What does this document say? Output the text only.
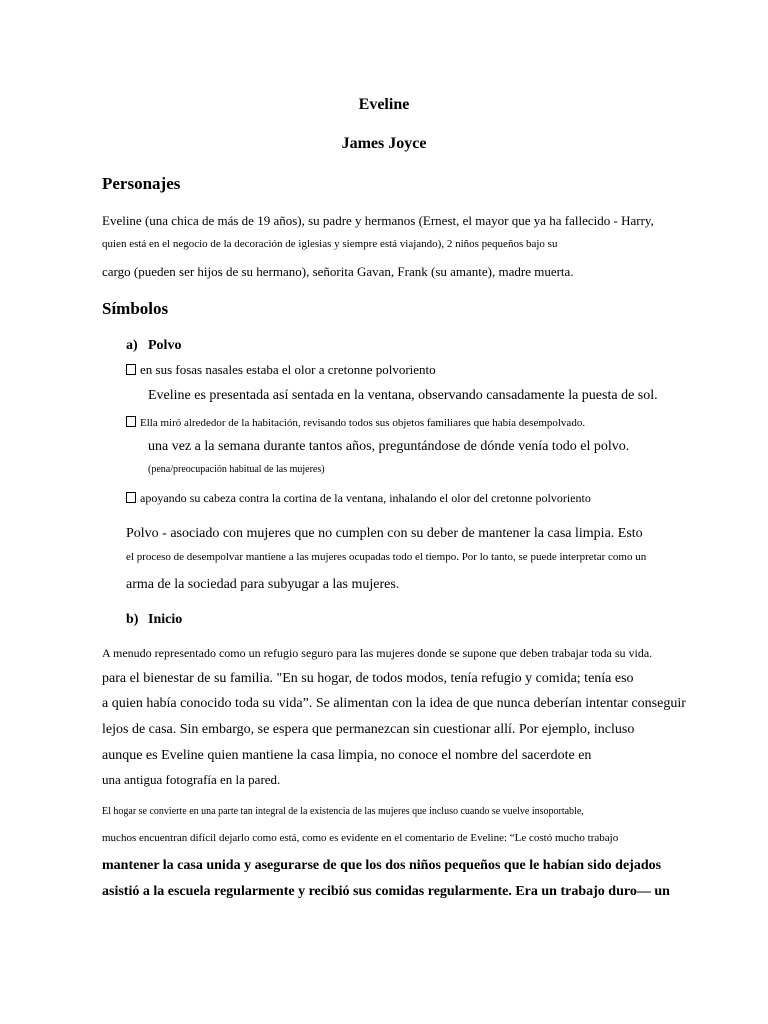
Eveline
James Joyce
Personajes
Eveline (una chica de más de 19 años), su padre y hermanos (Ernest, el mayor que ya ha fallecido - Harry,
quien está en el negocio de la decoración de iglesias y siempre está viajando), 2 niños pequeños bajo su
cargo (pueden ser hijos de su hermano), señorita Gavan, Frank (su amante), madre muerta.
Símbolos
a) Polvo
en sus fosas nasales estaba el olor a cretonne polvoriento
Eveline es presentada así sentada en la ventana, observando cansadamente la puesta de sol.
Ella miró alrededor de la habitación, revisando todos sus objetos familiares que había desempolvado.
una vez a la semana durante tantos años, preguntándose de dónde venía todo el polvo.
(pena/preocupación habitual de las mujeres)
apoyando su cabeza contra la cortina de la ventana, inhalando el olor del cretonne polvoriento
Polvo - asociado con mujeres que no cumplen con su deber de mantener la casa limpia. Esto
el proceso de desempolvar mantiene a las mujeres ocupadas todo el tiempo. Por lo tanto, se puede interpretar como un
arma de la sociedad para subyugar a las mujeres.
b) Inicio
A menudo representado como un refugio seguro para las mujeres donde se supone que deben trabajar toda su vida.
para el bienestar de su familia. "En su hogar, de todos modos, tenía refugio y comida; tenía eso
a quien había conocido toda su vida”. Se alimentan con la idea de que nunca deberían intentar conseguir
lejos de casa. Sin embargo, se espera que permanezcan sin cuestionar allí. Por ejemplo, incluso
aunque es Eveline quien mantiene la casa limpia, no conoce el nombre del sacerdote en
una antigua fotografía en la pared.
El hogar se convierte en una parte tan integral de la existencia de las mujeres que incluso cuando se vuelve insoportable,
muchos encuentran difícil dejarlo como está, como es evidente en el comentario de Eveline: “Le costó mucho trabajo
mantener la casa unida y asegurarse de que los dos niños pequeños que le habían sido dejados
asistió a la escuela regularmente y recibió sus comidas regularmente. Era un trabajo duro— un
